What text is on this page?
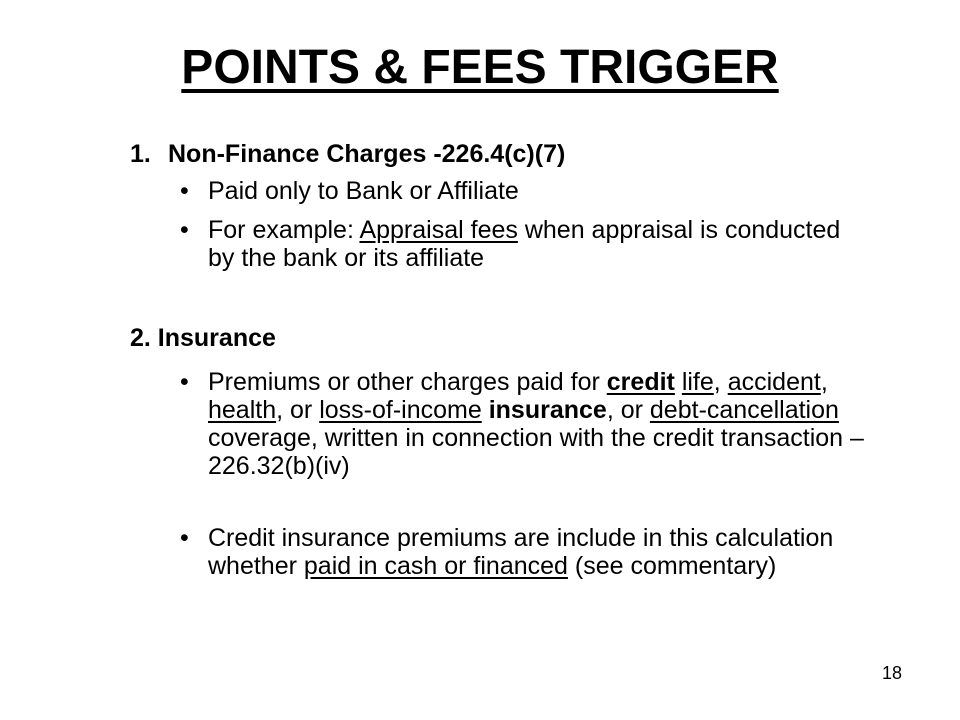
POINTS & FEES TRIGGER
1. Non-Finance Charges -226.4(c)(7)
• Paid only to Bank or Affiliate
• For example: Appraisal fees when appraisal is conducted by the bank or its affiliate
2. Insurance
• Premiums or other charges paid for credit life, accident, health, or loss-of-income insurance, or debt-cancellation coverage, written in connection with the credit transaction – 226.32(b)(iv)
• Credit insurance premiums are include in this calculation whether paid in cash or financed (see commentary)
18
